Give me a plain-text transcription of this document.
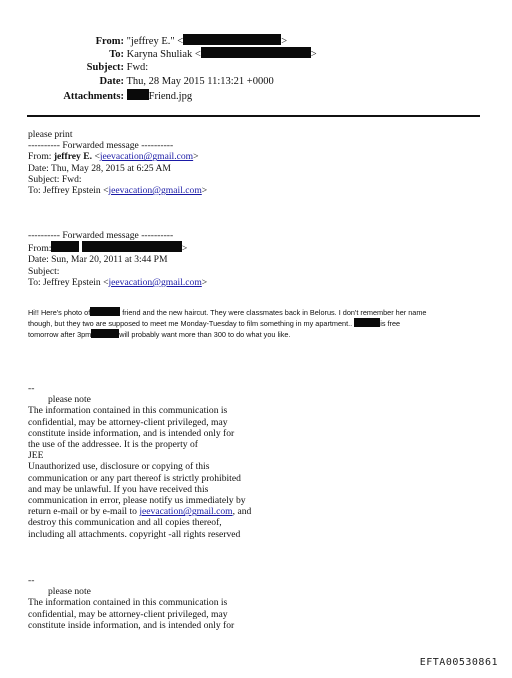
From: "jeffrey E." <	>
To: Karyna Shuliak <	>
Subject: Fwd:
Date: Thu, 28 May 2015 11:13:21 +0000
Attachments: Friend.jpg
please print
---------- Forwarded message ----------
From: jeffrey E. <jeevacation@gmail.com>
Date: Thu, May 28, 2015 at 6:25 AM
Subject: Fwd:
To: Jeffrey Epstein <jeevacation@gmail.com>
---------- Forwarded message ----------
From:	>
Date: Sun, Mar 20, 2011 at 3:44 PM
Subject:
To: Jeffrey Epstein <jeevacation@gmail.com>
Hi!! Here's photo of	friend and the new haircut. They were classmates back in Belorus. I don't remember her name
though, but they two are supposed to meet me Monday-Tuesday to film something in my apartment..	is free
tomorrow after 3pm	will probably want more than 300 to do what you like.
--
please note
The information contained in this communication is
confidential, may be attorney-client privileged, may
constitute inside information, and is intended only for
the use of the addressee. It is the property of
JEE
Unauthorized use, disclosure or copying of this
communication or any part thereof is strictly prohibited
and may be unlawful. If you have received this
communication in error, please notify us immediately by
return e-mail or by e-mail to jeevacation@gmail.com, and
destroy this communication and all copies thereof,
including all attachments. copyright -all rights reserved
--
please note
The information contained in this communication is
confidential, may be attorney-client privileged, may
constitute inside information, and is intended only for
EFTA00530861
